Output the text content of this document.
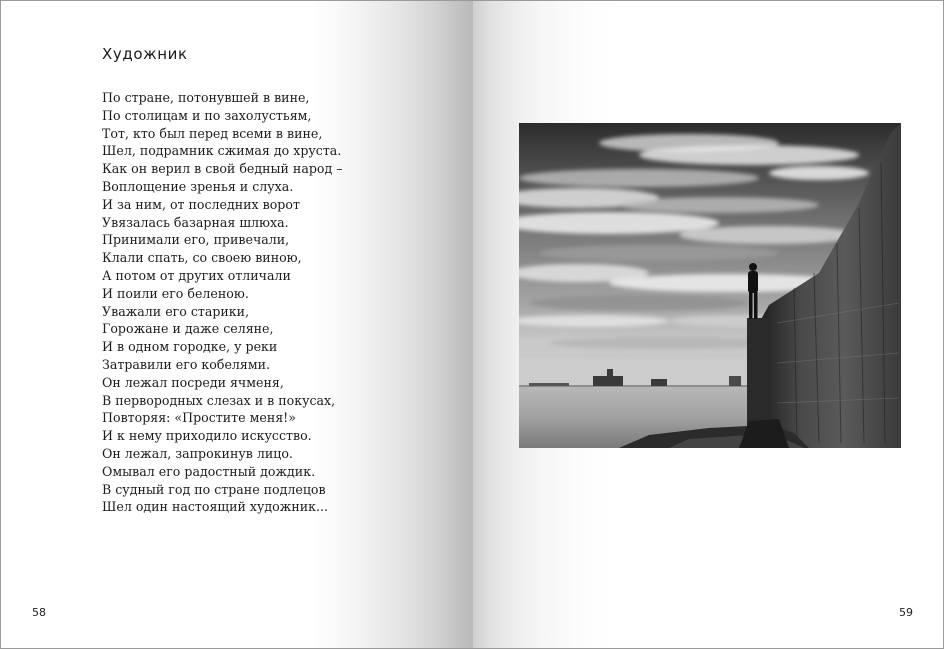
Художник
По стране, потонувшей в вине,
По столицам и по захолустьям,
Тот, кто был перед всеми в вине,
Шел, подрамник сжимая до хруста.
Как он верил в свой бедный народ –
Воплощение зренья и слуха.
И за ним, от последних ворот
Увязалась базарная шлюха.
Принимали его, привечали,
Клали спать, со своею виною,
А потом от других отличали
И поили его беленою.
Уважали его старики,
Горожане и даже селяне,
И в одном городке, у реки
Затравили его кобелями.
Он лежал посреди ячменя,
В первородных слезах и в покусах,
Повторяя: «Простите меня!»
И к нему приходило искусство.
Он лежал, запрокинув лицо.
Омывал его радостный дождик.
В судный год по стране подлецов
Шел один настоящий художник...
58	59
